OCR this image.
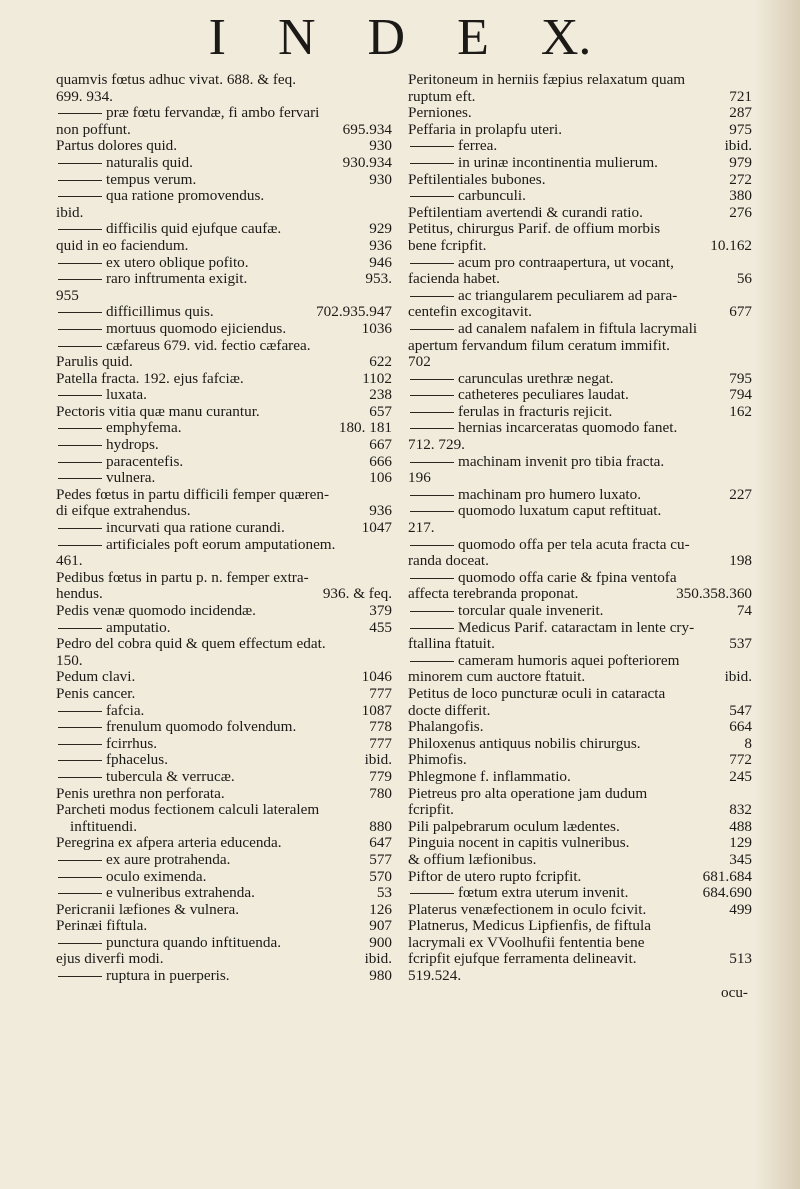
I N D E X.
quamvis fœtus adhuc vivat. 688. & feq.
699. 934.
præ fœtu fervandæ, fi ambo fervari
non poffunt.	695.934
Partus dolores quid.	930
naturalis quid.	930.934
tempus verum.	930
qua ratione promovendus.
ibid.
difficilis quid ejufque caufæ.	929
quid in eo faciendum.	936
ex utero oblique pofito.	946
raro inftrumenta exigit.	953.
955
difficillimus quis.	702.935.947
mortuus quomodo ejiciendus.	1036
cæfareus 679. vid. fectio cæfarea.
Parulis quid.	622
Patella fracta. 192. ejus fafciæ.	1102
luxata.	238
Pectoris vitia quæ manu curantur.	657
emphyfema.	180. 181
hydrops.	667
paracentefis.	666
vulnera.	106
Pedes fœtus in partu difficili femper quæren-
di eifque extrahendus.	936
incurvati qua ratione curandi.	1047
artificiales poft eorum amputationem.
461.
Pedibus fœtus in partu p. n. femper extra-
hendus.	936. & feq.
Pedis venæ quomodo incidendæ.	379
amputatio.	455
Pedro del cobra quid & quem effectum edat.
150.
Pedum clavi.	1046
Penis cancer.	777
fafcia.	1087
frenulum quomodo folvendum.	778
fcirrhus.	777
fphacelus.	ibid.
tubercula & verrucæ.	779
Penis urethra non perforata.	780
Parcheti modus fectionem calculi lateralem
inftituendi.	880
Peregrina ex afpera arteria educenda.	647
ex aure protrahenda.	577
oculo eximenda.	570
e vulneribus extrahenda.	53
Pericranii læfiones & vulnera.	126
Perinæi fiftula.	907
punctura quando inftituenda.	900
ejus diverfi modi.	ibid.
ruptura in puerperis.	980
Peritoneum in herniis fæpius relaxatum quam
ruptum eft.	721
Perniones.	287
Peffaria in prolapfu uteri.	975
ferrea.	ibid.
in urinæ incontinentia mulierum.	979
Peftilentiales bubones.	272
carbunculi.	380
Peftilentiam avertendi & curandi ratio.	276
Petitus, chirurgus Parif. de offium morbis
bene fcripfit.	10.162
acum pro contraapertura, ut vocant,
facienda habet.	56
ac triangularem peculiarem ad para-
centefin excogitavit.	677
ad canalem nafalem in fiftula lacrymali
apertum fervandum filum ceratum immifit.
702
carunculas urethræ negat.	795
catheteres peculiares laudat.	794
ferulas in fracturis rejicit.	162
hernias incarceratas quomodo fanet.
712. 729.
machinam invenit pro tibia fracta.
196
machinam pro humero luxato.	227
quomodo luxatum caput reftituat.
217.
quomodo offa per tela acuta fracta cu-
randa doceat.	198
quomodo offa carie & fpina ventofa
affecta terebranda proponat.	350.358.360
torcular quale invenerit.	74
Medicus Parif. cataractam in lente cry-
ftallina ftatuit.	537
cameram humoris aquei pofteriorem
minorem cum auctore ftatuit.	ibid.
Petitus de loco puncturæ oculi in cataracta
docte differit.	547
Phalangofis.	664
Philoxenus antiquus nobilis chirurgus.	8
Phimofis.	772
Phlegmone f. inflammatio.	245
Pietreus pro alta operatione jam dudum
fcripfit.	832
Pili palpebrarum oculum lædentes.	488
Pinguia nocent in capitis vulneribus.	129
& offium læfionibus.	345
Piftor de utero rupto fcripfit.	681.684
fœtum extra uterum invenit.	684.690
Platerus venæfectionem in oculo fcivit.	499
Platnerus, Medicus Lipfienfis, de fiftula
lacrymali ex VVoolhufii fententia bene
fcripfit ejufque ferramenta delineavit.	513
519.524.
ocu-
